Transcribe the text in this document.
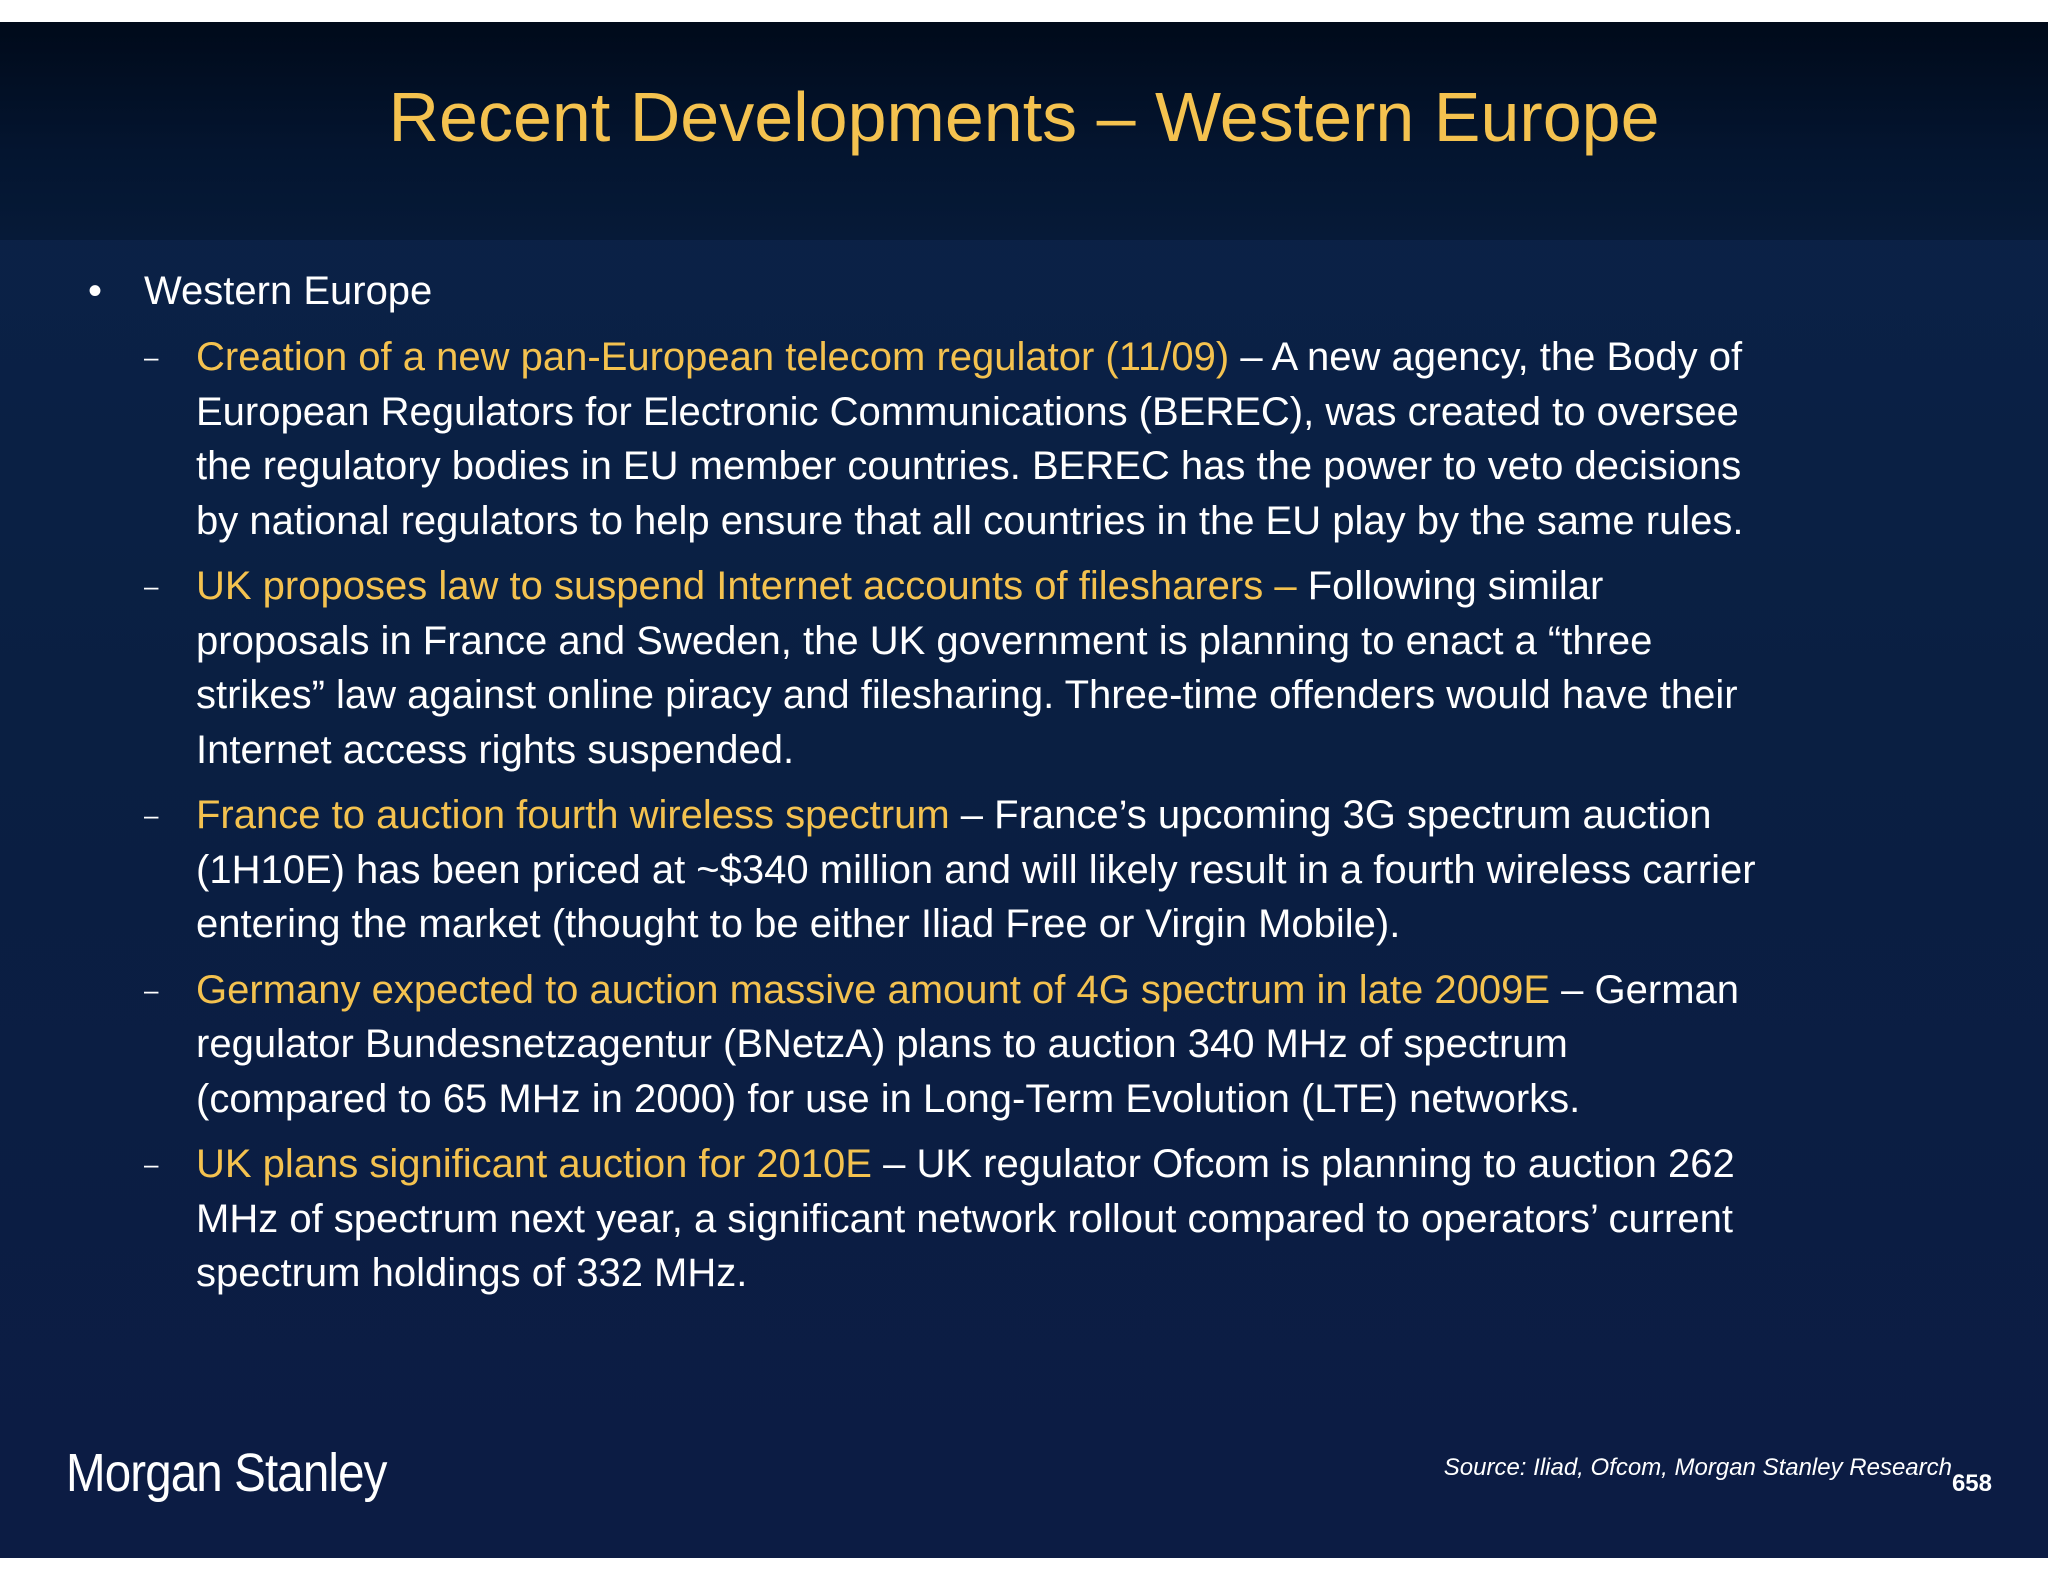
Recent Developments – Western Europe
•	Western Europe
– Creation of a new pan-European telecom regulator (11/09) – A new agency, the Body of
European Regulators for Electronic Communications (BEREC), was created to oversee
the regulatory bodies in EU member countries. BEREC has the power to veto decisions
by national regulators to help ensure that all countries in the EU play by the same rules.
– UK proposes law to suspend Internet accounts of filesharers – Following similar
proposals in France and Sweden, the UK government is planning to enact a “three
strikes” law against online piracy and filesharing. Three-time offenders would have their
Internet access rights suspended.
– France to auction fourth wireless spectrum – France’s upcoming 3G spectrum auction
(1H10E) has been priced at ~$340 million and will likely result in a fourth wireless carrier
entering the market (thought to be either Iliad Free or Virgin Mobile).
– Germany expected to auction massive amount of 4G spectrum in late 2009E – German
regulator Bundesnetzagentur (BNetzA) plans to auction 340 MHz of spectrum
(compared to 65 MHz in 2000) for use in Long-Term Evolution (LTE) networks.
– UK plans significant auction for 2010E – UK regulator Ofcom is planning to auction 262
MHz of spectrum next year, a significant network rollout compared to operators’ current
spectrum holdings of 332 MHz.
Morgan Stanley	Source: Iliad, Ofcom, Morgan Stanley Research
658
